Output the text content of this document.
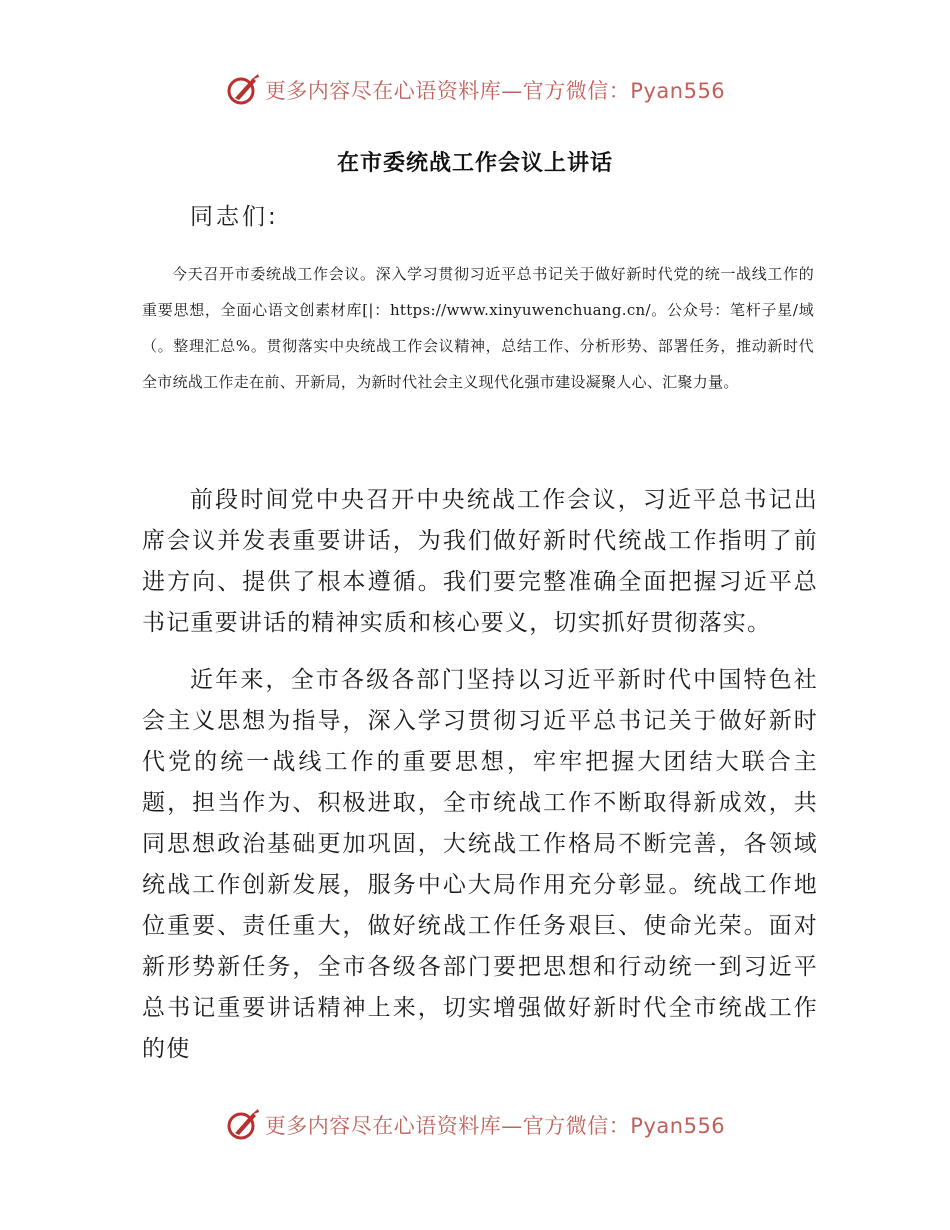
更多内容尽在心语资料库—官方微信：Pyan556
在市委统战工作会议上讲话
同志们:
今天召开市委统战工作会议。深入学习贯彻习近平总书记关于做好新时代党的统一战线工作的重要思想，全面心语文创素材库[|：https://www.xinyuwenchuang.cn/。公众号：笔杆子星/域（。整理汇总%。贯彻落实中央统战工作会议精神，总结工作、分析形势、部署任务，推动新时代全市统战工作走在前、开新局，为新时代社会主义现代化强市建设凝聚人心、汇聚力量。
前段时间党中央召开中央统战工作会议，习近平总书记出席会议并发表重要讲话，为我们做好新时代统战工作指明了前进方向、提供了根本遵循。我们要完整准确全面把握习近平总书记重要讲话的精神实质和核心要义，切实抓好贯彻落实。
近年来，全市各级各部门坚持以习近平新时代中国特色社会主义思想为指导，深入学习贯彻习近平总书记关于做好新时代党的统一战线工作的重要思想，牢牢把握大团结大联合主题，担当作为、积极进取，全市统战工作不断取得新成效，共同思想政治基础更加巩固，大统战工作格局不断完善，各领域统战工作创新发展，服务中心大局作用充分彰显。统战工作地位重要、责任重大，做好统战工作任务艰巨、使命光荣。面对新形势新任务，全市各级各部门要把思想和行动统一到习近平总书记重要讲话精神上来，切实增强做好新时代全市统战工作的使
更多内容尽在心语资料库—官方微信：Pyan556
